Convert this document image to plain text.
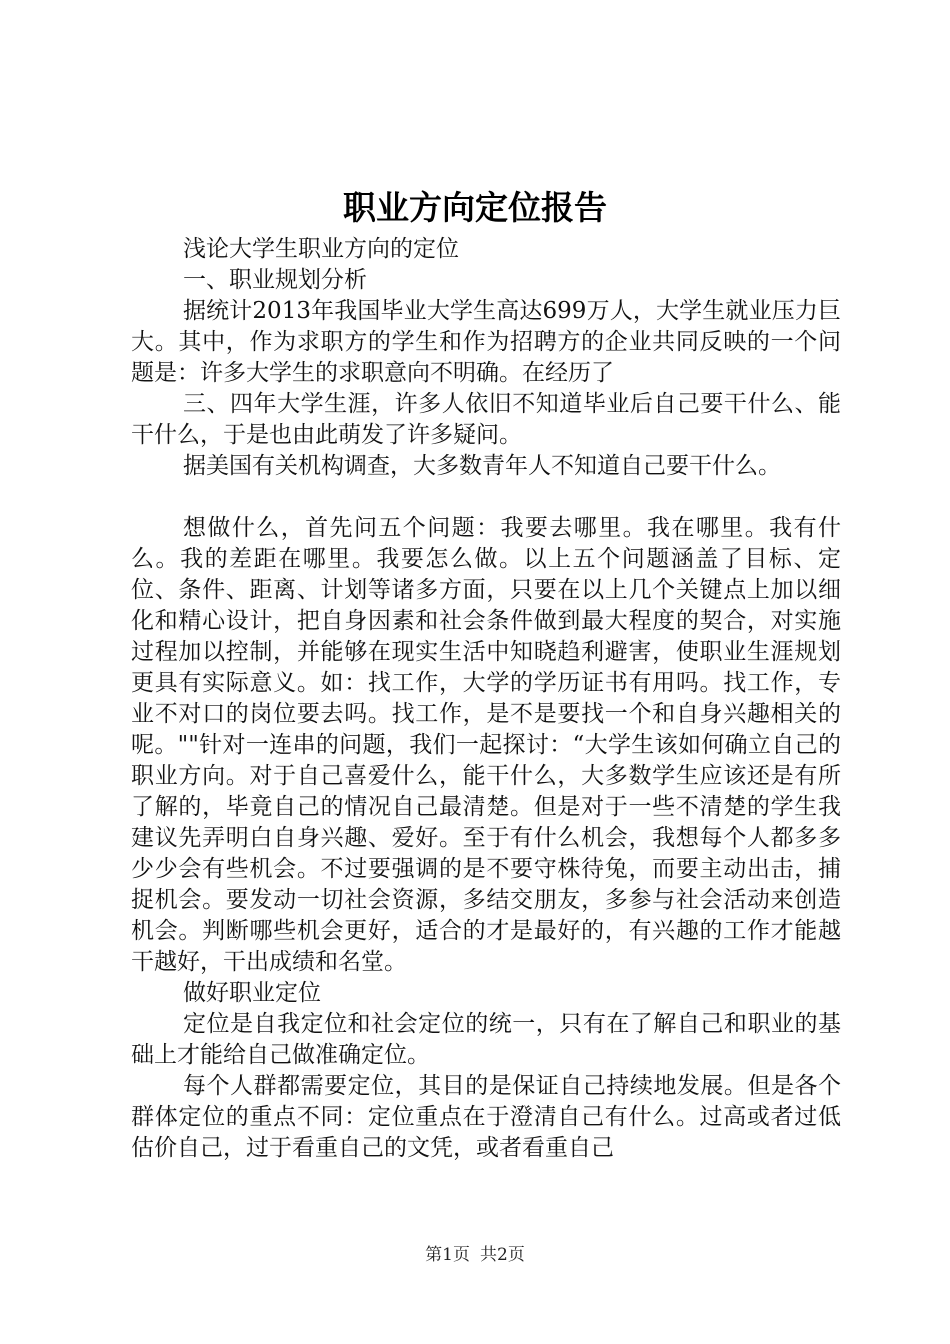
职业方向定位报告

浅论大学生职业方向的定位

一、职业规划分析

据统计2013年我国毕业大学生高达699万人，大学生就业压力巨大。其中，作为求职方的学生和作为招聘方的企业共同反映的一个问题是：许多大学生的求职意向不明确。在经历了

三、四年大学生涯，许多人依旧不知道毕业后自己要干什么、能干什么，于是也由此萌发了许多疑问。

据美国有关机构调查，大多数青年人不知道自己要干什么。

想做什么，首先问五个问题：我要去哪里。我在哪里。我有什么。我的差距在哪里。我要怎么做。以上五个问题涵盖了目标、定位、条件、距离、计划等诸多方面，只要在以上几个关键点上加以细化和精心设计，把自身因素和社会条件做到最大程度的契合，对实施过程加以控制，并能够在现实生活中知晓趋利避害，使职业生涯规划更具有实际意义。如：找工作，大学的学历证书有用吗。找工作，专业不对口的岗位要去吗。找工作，是不是要找一个和自身兴趣相关的呢。""针对一连串的问题，我们一起探讨：“大学生该如何确立自己的职业方向。对于自己喜爱什么，能干什么，大多数学生应该还是有所了解的，毕竟自己的情况自己最清楚。但是对于一些不清楚的学生我建议先弄明白自身兴趣、爱好。至于有什么机会，我想每个人都多多少少会有些机会。不过要强调的是不要守株待兔，而要主动出击，捕捉机会。要发动一切社会资源，多结交朋友，多参与社会活动来创造机会。判断哪些机会更好，适合的才是最好的，有兴趣的工作才能越干越好，干出成绩和名堂。

做好职业定位

定位是自我定位和社会定位的统一，只有在了解自己和职业的基础上才能给自己做准确定位。

每个人群都需要定位，其目的是保证自己持续地发展。但是各个群体定位的重点不同：定位重点在于澄清自己有什么。过高或者过低估价自己，过于看重自己的文凭，或者看重自己

第1页 共2页
